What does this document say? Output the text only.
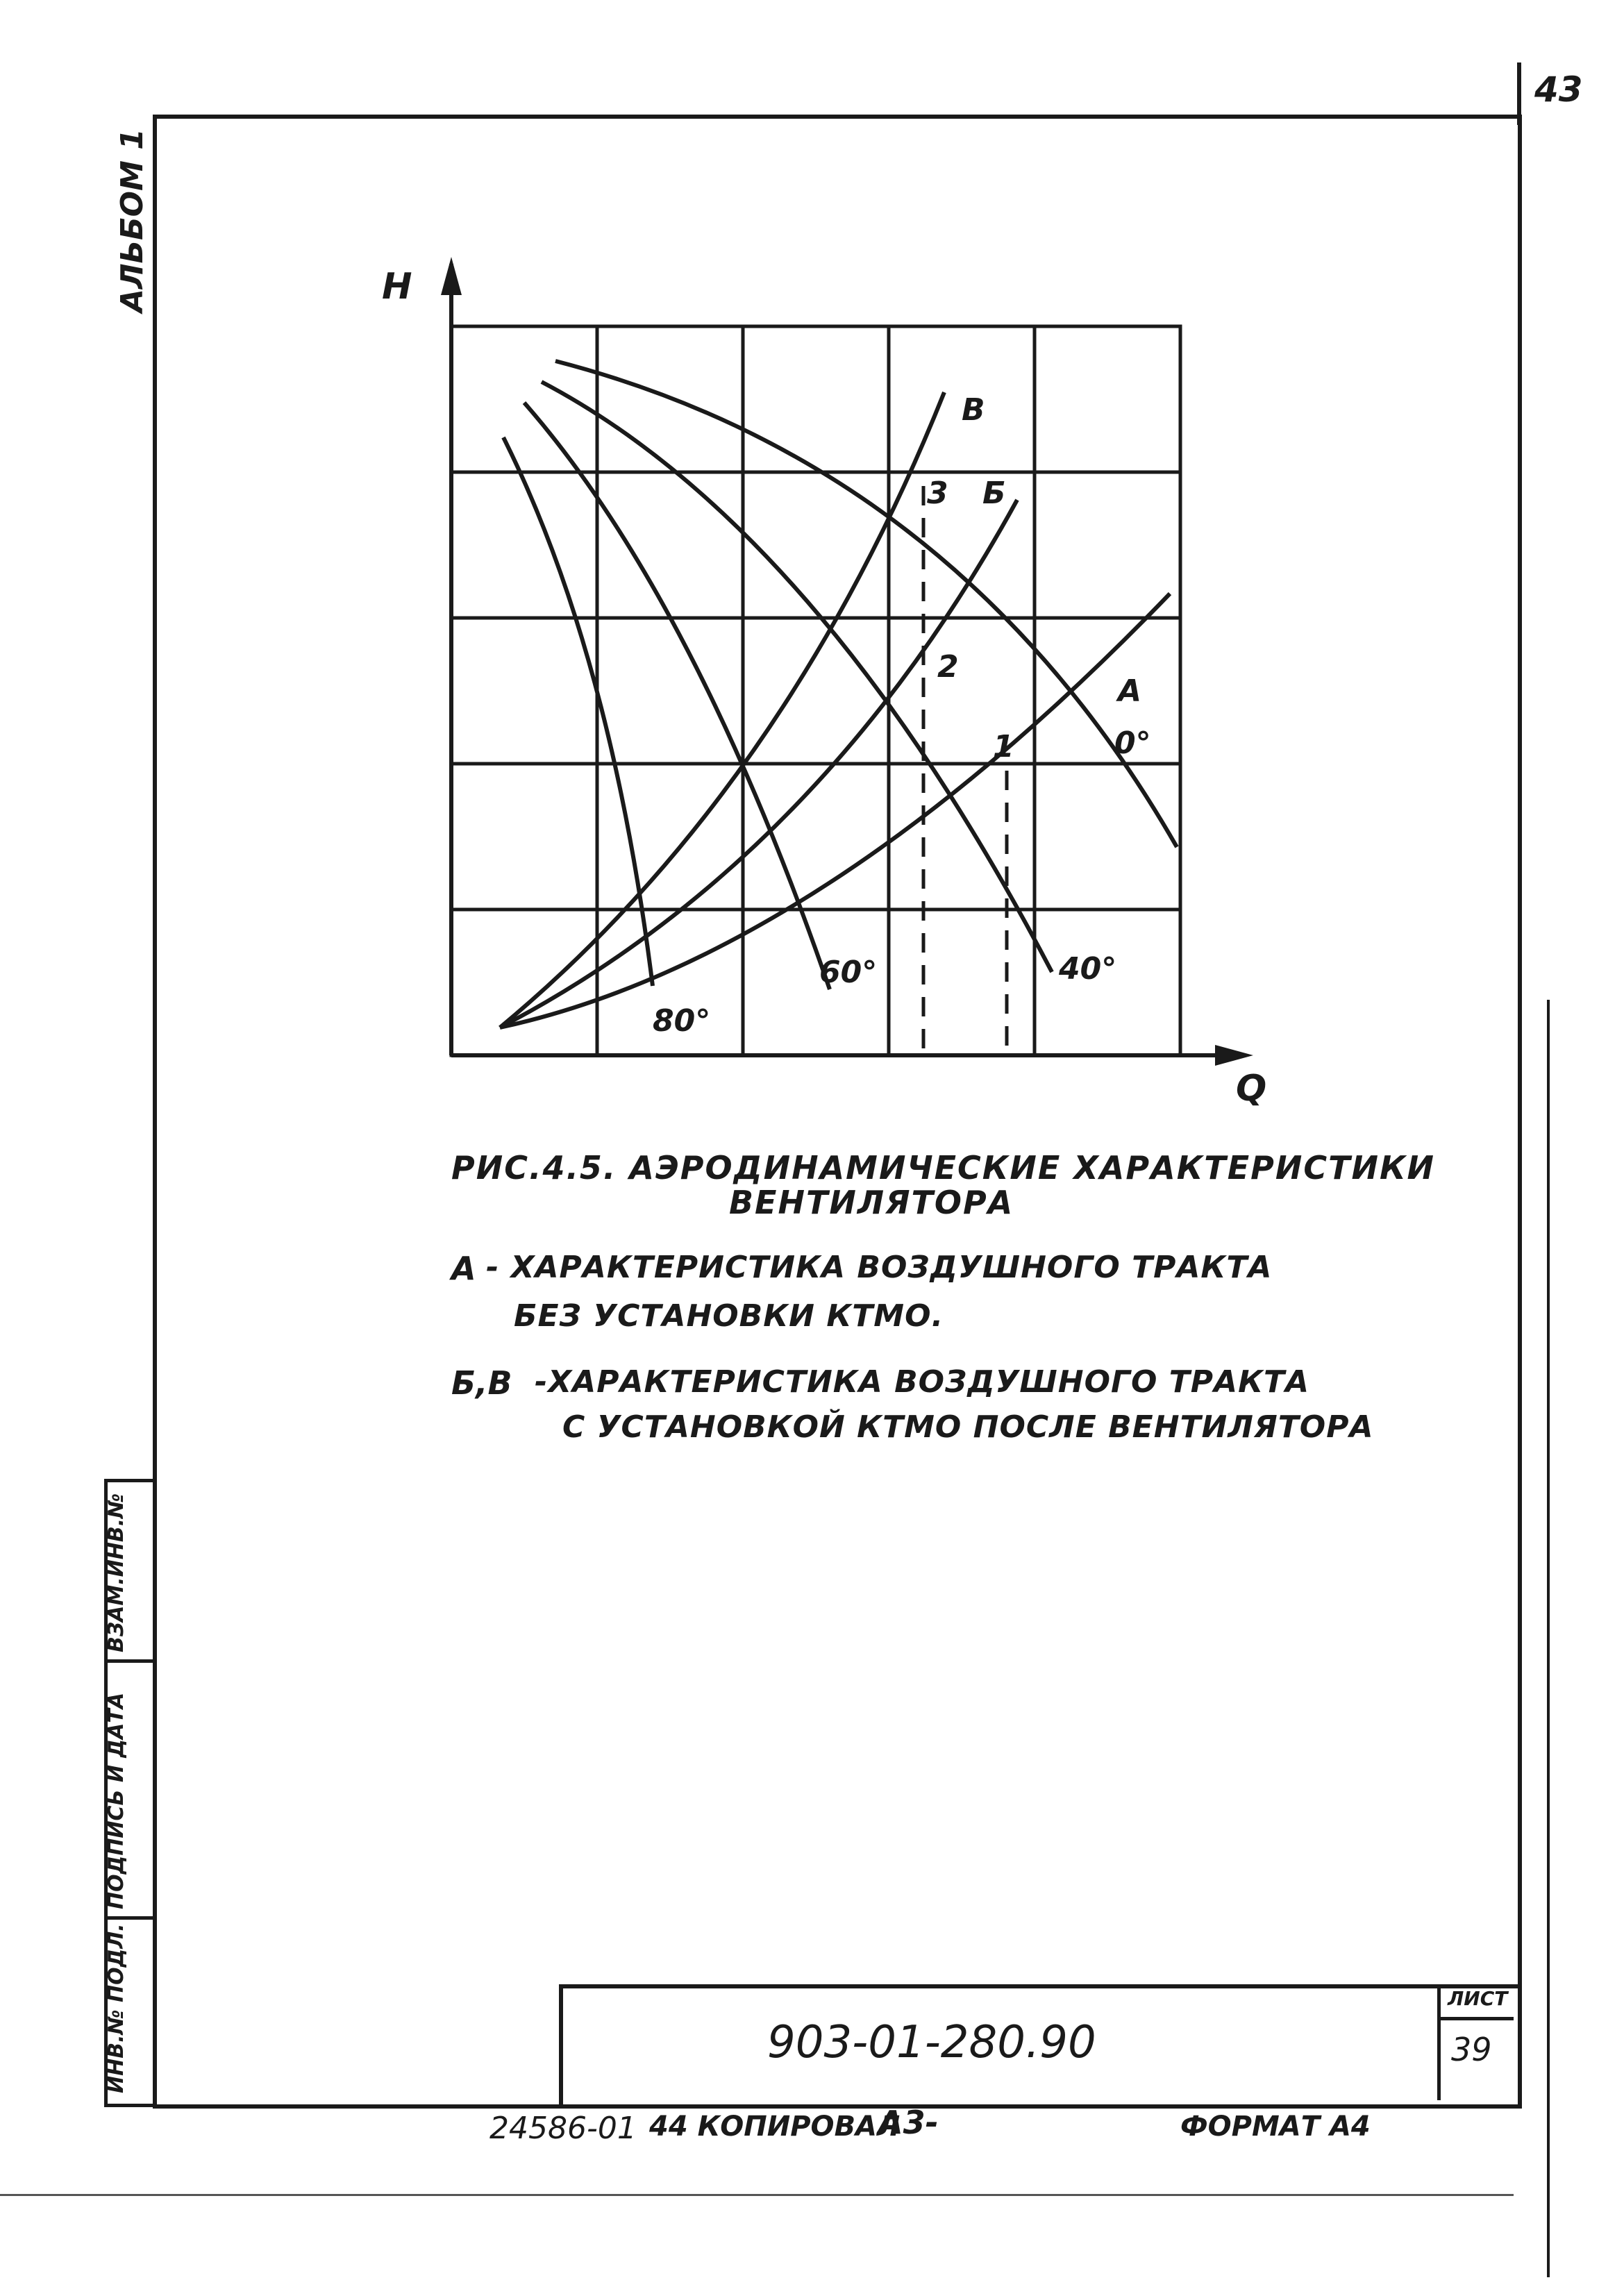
43
АЛЬБОМ 1	Н
Q
80°
60°	40°
0°
А
Б
В
1
2
3
РИС.4.5. АЭРОДИНАМИЧЕСКИЕ ХАРАКТЕРИСТИКИ
ВЕНТИЛЯТОРА
А - ХАРАКТЕРИСТИКА ВОЗДУШНОГО ТРАКТА
БЕЗ УСТАНОВКИ КТМО.
Б,В -ХАРАКТЕРИСТИКА ВОЗДУШНОГО ТРАКТА
С УСТАНОВКОЙ КТМО ПОСЛЕ ВЕНТИЛЯТОРА
ВЗАМ.ИНВ.№
ПОДПИСЬ И ДАТА
ИНВ.№ ПОДЛ.	903-01-280.90
ЛИСТ
39
24586-01 44 КОПИРОВАЛ
А3-	ФОРМАТ А4
